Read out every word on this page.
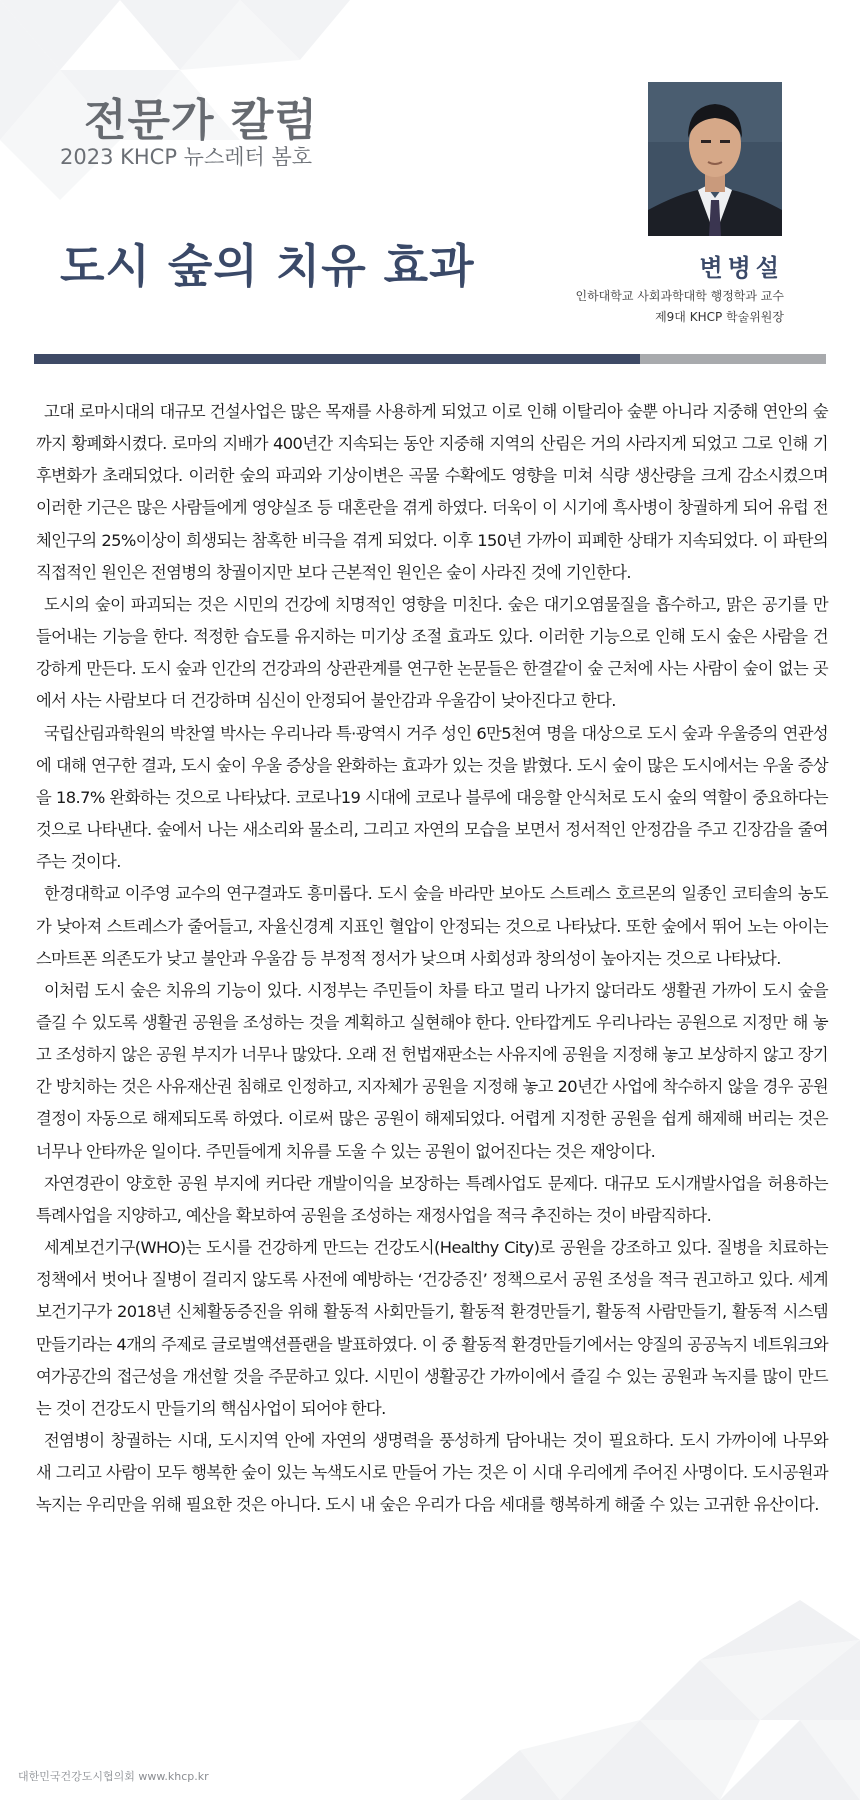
전문가 칼럼
2023 KHCP 뉴스레터 봄호
도시 숲의 치유 효과	변병설
인하대학교 사회과학대학 행정학과 교수
제9대 KHCP 학술위원장

고대 로마시대의 대규모 건설사업은 많은 목재를 사용하게 되었고 이로 인해 이탈리아 숲뿐 아니라 지중해 연안의 숲까지 황폐화시켰다. 로마의 지배가 400년간 지속되는 동안 지중해 지역의 산림은 거의 사라지게 되었고 그로 인해 기후변화가 초래되었다. 이러한 숲의 파괴와 기상이변은 곡물 수확에도 영향을 미쳐 식량 생산량을 크게 감소시켰으며 이러한 기근은 많은 사람들에게 영양실조 등 대혼란을 겪게 하였다. 더욱이 이 시기에 흑사병이 창궐하게 되어 유럽 전체인구의 25%이상이 희생되는 참혹한 비극을 겪게 되었다. 이후 150년 가까이 피폐한 상태가 지속되었다. 이 파탄의 직접적인 원인은 전염병의 창궐이지만 보다 근본적인 원인은 숲이 사라진 것에 기인한다.

도시의 숲이 파괴되는 것은 시민의 건강에 치명적인 영향을 미친다. 숲은 대기오염물질을 흡수하고, 맑은 공기를 만들어내는 기능을 한다. 적정한 습도를 유지하는 미기상 조절 효과도 있다. 이러한 기능으로 인해 도시 숲은 사람을 건강하게 만든다. 도시 숲과 인간의 건강과의 상관관계를 연구한 논문들은 한결같이 숲 근처에 사는 사람이 숲이 없는 곳에서 사는 사람보다 더 건강하며 심신이 안정되어 불안감과 우울감이 낮아진다고 한다.

국립산림과학원의 박찬열 박사는 우리나라 특·광역시 거주 성인 6만5천여 명을 대상으로 도시 숲과 우울증의 연관성에 대해 연구한 결과, 도시 숲이 우울 증상을 완화하는 효과가 있는 것을 밝혔다. 도시 숲이 많은 도시에서는 우울 증상을 18.7% 완화하는 것으로 나타났다. 코로나19 시대에 코로나 블루에 대응할 안식처로 도시 숲의 역할이 중요하다는 것으로 나타낸다. 숲에서 나는 새소리와 물소리, 그리고 자연의 모습을 보면서 정서적인 안정감을 주고 긴장감을 줄여주는 것이다.

한경대학교 이주영 교수의 연구결과도 흥미롭다. 도시 숲을 바라만 보아도 스트레스 호르몬의 일종인 코티솔의 농도가 낮아져 스트레스가 줄어들고, 자율신경계 지표인 혈압이 안정되는 것으로 나타났다. 또한 숲에서 뛰어 노는 아이는 스마트폰 의존도가 낮고 불안과 우울감 등 부정적 정서가 낮으며 사회성과 창의성이 높아지는 것으로 나타났다.

이처럼 도시 숲은 치유의 기능이 있다. 시정부는 주민들이 차를 타고 멀리 나가지 않더라도 생활권 가까이 도시 숲을 즐길 수 있도록 생활권 공원을 조성하는 것을 계획하고 실현해야 한다. 안타깝게도 우리나라는 공원으로 지정만 해 놓고 조성하지 않은 공원 부지가 너무나 많았다. 오래 전 헌법재판소는 사유지에 공원을 지정해 놓고 보상하지 않고 장기간 방치하는 것은 사유재산권 침해로 인정하고, 지자체가 공원을 지정해 놓고 20년간 사업에 착수하지 않을 경우 공원 결정이 자동으로 해제되도록 하였다. 이로써 많은 공원이 해제되었다. 어렵게 지정한 공원을 쉽게 해제해 버리는 것은 너무나 안타까운 일이다. 주민들에게 치유를 도울 수 있는 공원이 없어진다는 것은 재앙이다.

자연경관이 양호한 공원 부지에 커다란 개발이익을 보장하는 특례사업도 문제다. 대규모 도시개발사업을 허용하는 특례사업을 지양하고, 예산을 확보하여 공원을 조성하는 재정사업을 적극 추진하는 것이 바람직하다.

세계보건기구(WHO)는 도시를 건강하게 만드는 건강도시(Healthy City)로 공원을 강조하고 있다. 질병을 치료하는 정책에서 벗어나 질병이 걸리지 않도록 사전에 예방하는 ‘건강증진’ 정책으로서 공원 조성을 적극 권고하고 있다. 세계보건기구가 2018년 신체활동증진을 위해 활동적 사회만들기, 활동적 환경만들기, 활동적 사람만들기, 활동적 시스템만들기라는 4개의 주제로 글로벌액션플랜을 발표하였다. 이 중 활동적 환경만들기에서는 양질의 공공녹지 네트워크와 여가공간의 접근성을 개선할 것을 주문하고 있다. 시민이 생활공간 가까이에서 즐길 수 있는 공원과 녹지를 많이 만드는 것이 건강도시 만들기의 핵심사업이 되어야 한다.

전염병이 창궐하는 시대, 도시지역 안에 자연의 생명력을 풍성하게 담아내는 것이 필요하다. 도시 가까이에 나무와 새 그리고 사람이 모두 행복한 숲이 있는 녹색도시로 만들어 가는 것은 이 시대 우리에게 주어진 사명이다. 도시공원과 녹지는 우리만을 위해 필요한 것은 아니다. 도시 내 숲은 우리가 다음 세대를 행복하게 해줄 수 있는 고귀한 유산이다.

대한민국건강도시협의회 www.khcp.kr
